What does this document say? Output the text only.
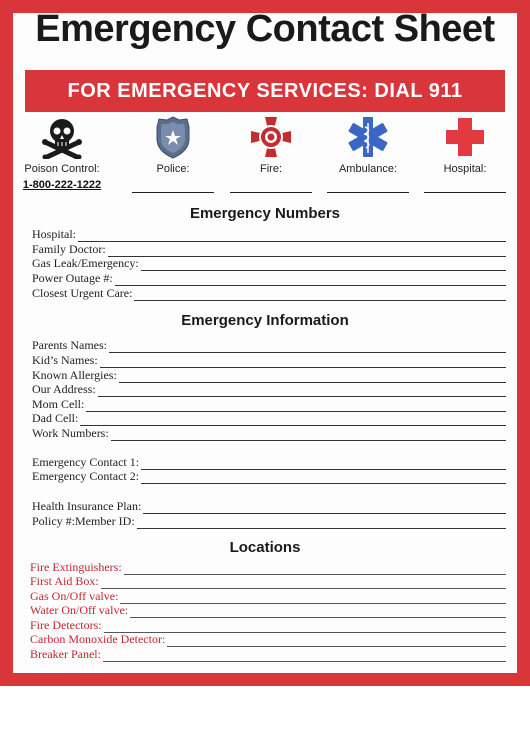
Emergency Contact Sheet
FOR EMERGENCY SERVICES: DIAL 911
Poison Control:
1-800-222-1222
Police:	Fire:	Ambulance:	Hospital:
Emergency Numbers
Hospital:
Family Doctor:
Gas Leak/Emergency:
Power Outage #:
Closest Urgent Care:
Emergency Information
Parents Names:
Kid’s Names:
Known Allergies:
Our Address:
Mom Cell:
Dad Cell:
Work Numbers:
Emergency Contact 1:
Emergency Contact 2:
Health Insurance Plan:
Policy #:Member ID:
Locations
Fire Extinguishers:
First Aid Box:
Gas On/Off valve:
Water On/Off valve:
Fire Detectors:
Carbon Monoxide Detector:
Breaker Panel:
